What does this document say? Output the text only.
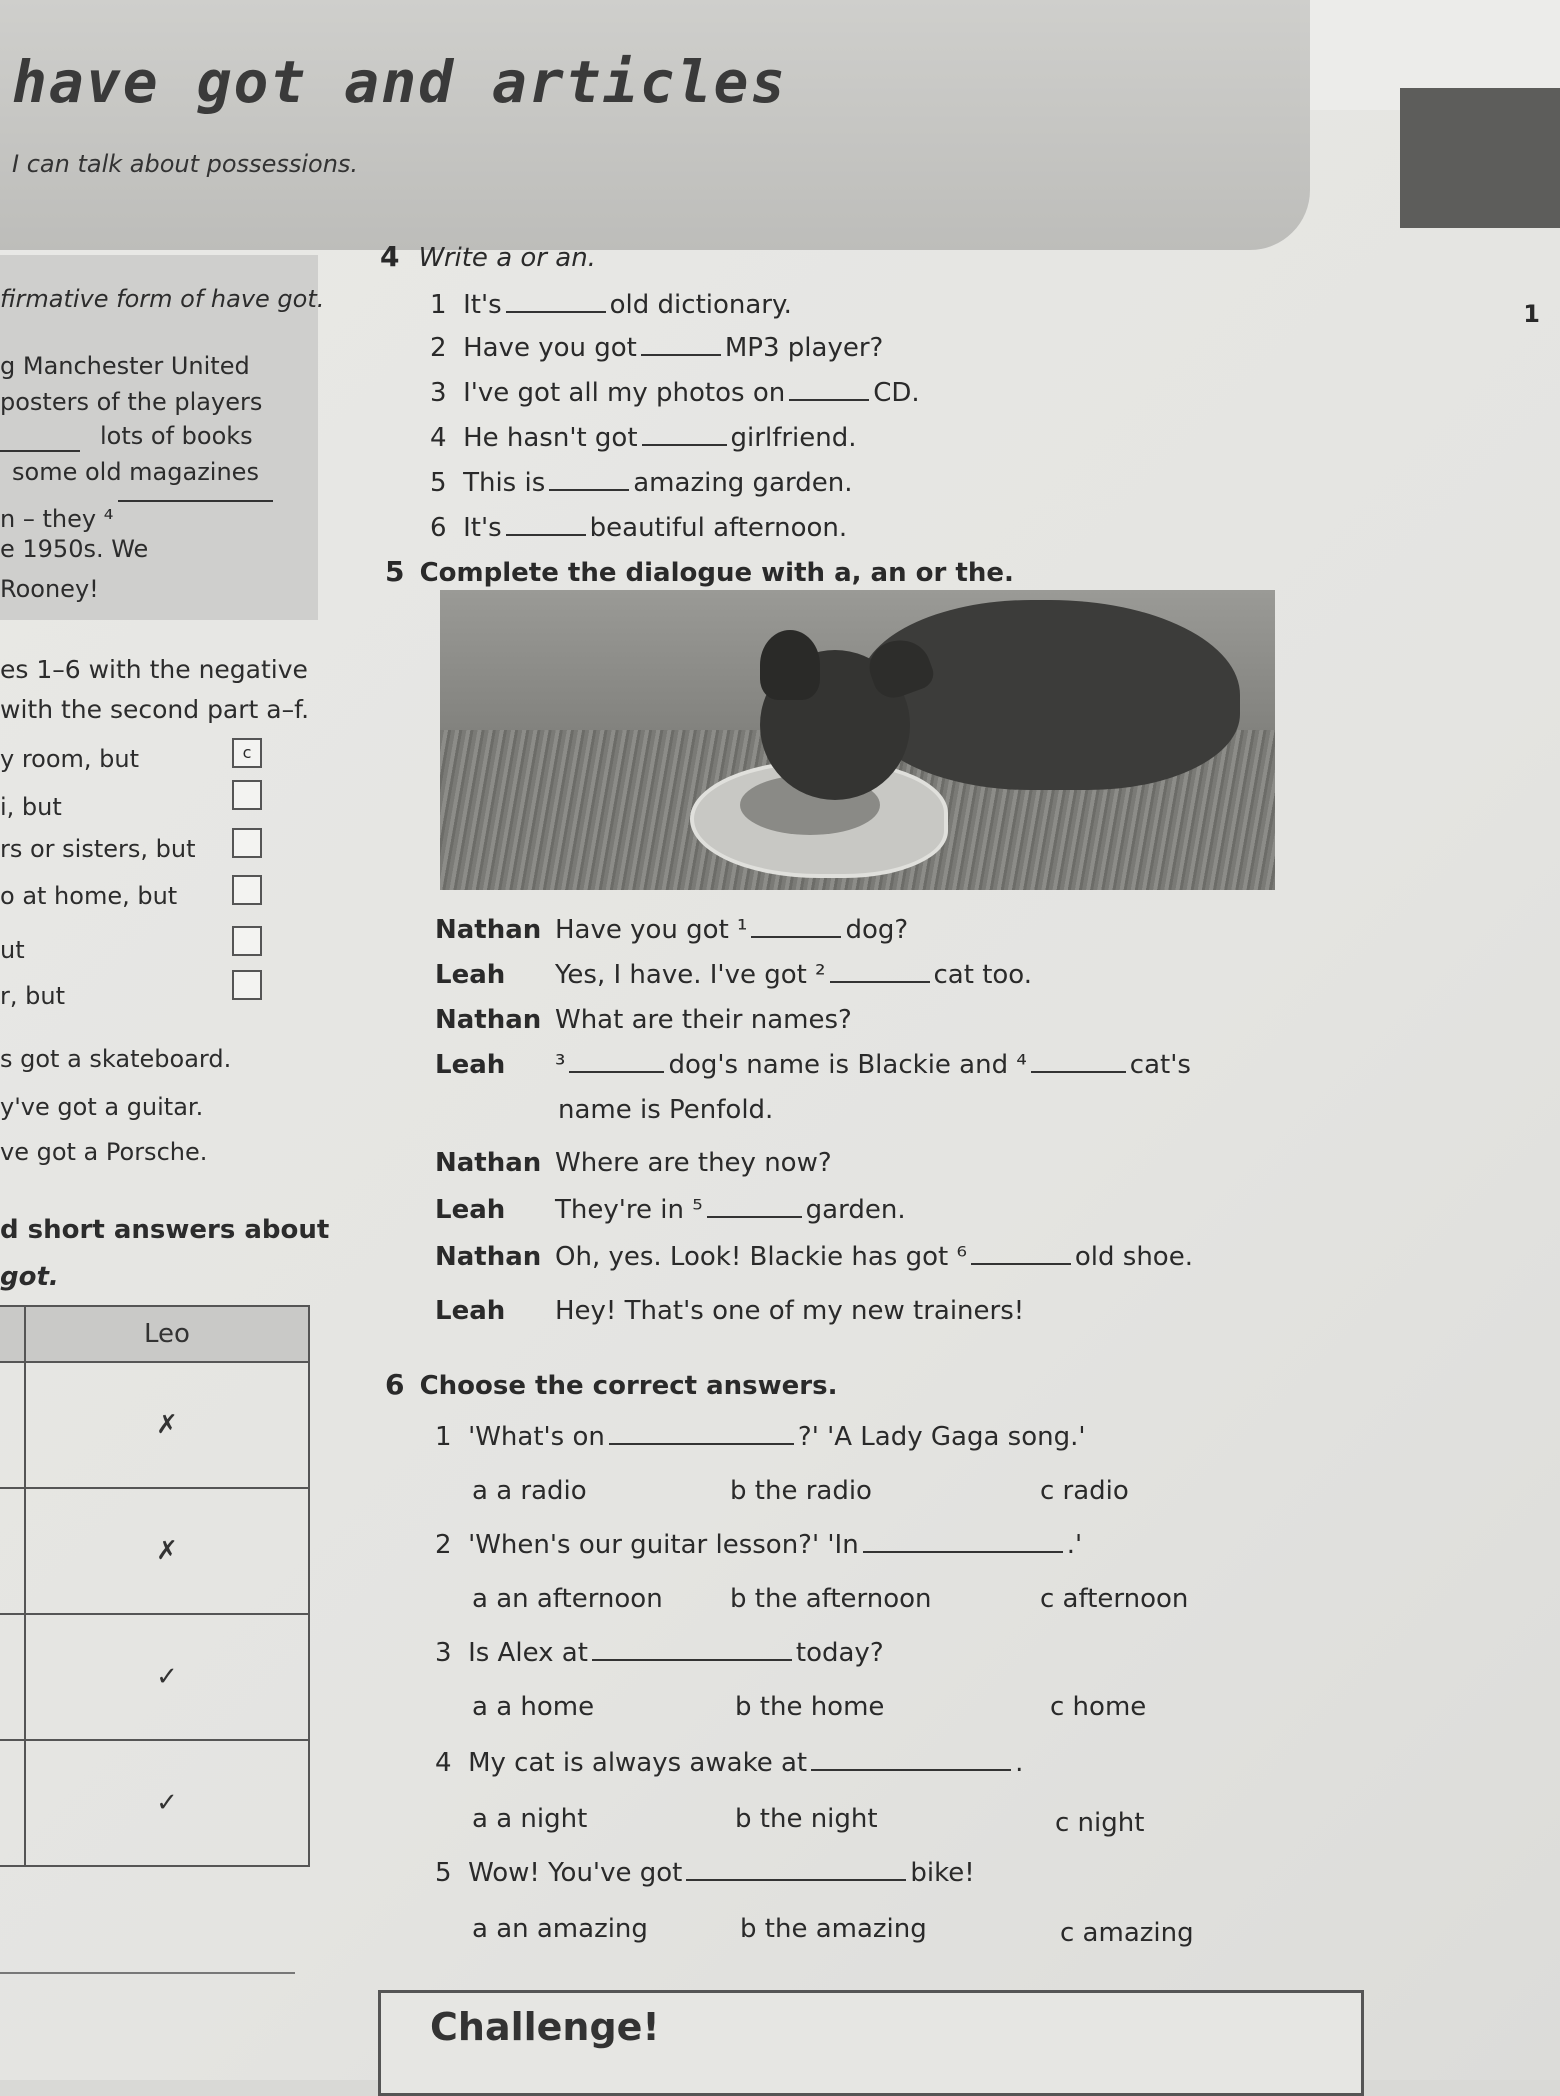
have got and articles
I can talk about possessions.
1
firmative form of have got.
g Manchester United
posters of the players
lots of books
some old magazines
n – they ⁴
e 1950s. We
Rooney!
es 1–6 with the negative
with the second part a–f.
y room, but	c
i, but
rs or sisters, but
o at home, but
ut
r, but
s got a skateboard.
y've got a guitar.
ve got a Porsche.
d short answers about
got.
	Leo
	✗
	✗
	✓
	✓
4 Write a or an.
1 It's	old dictionary.
2 Have you got	MP3 player?
3 I've got all my photos on	CD.
4 He hasn't got	girlfriend.
5 This is	amazing garden.
6 It's	beautiful afternoon.
5 Complete the dialogue with a, an or the.
Nathan Have you got ¹	dog?
Leah Yes, I have. I've got ²	cat too.
Nathan What are their names?
Leah ³	dog's name is Blackie and ⁴	cat's
name is Penfold.
Nathan Where are they now?
Leah They're in ⁵	garden.
Nathan Oh, yes. Look! Blackie has got ⁶	old shoe.
Leah Hey! That's one of my new trainers!
6 Choose the correct answers.
1 'What's on	?' 'A Lady Gaga song.'
a a radio	b the radio	c radio
2 'When's our guitar lesson?' 'In	.'
a an afternoon	b the afternoon	c afternoon
3 Is Alex at	today?
a a home	b the home	c home
4 My cat is always awake at	.
a a night	b the night	c night
5 Wow! You've got	bike!
a an amazing	b the amazing	c amazing
Challenge!
